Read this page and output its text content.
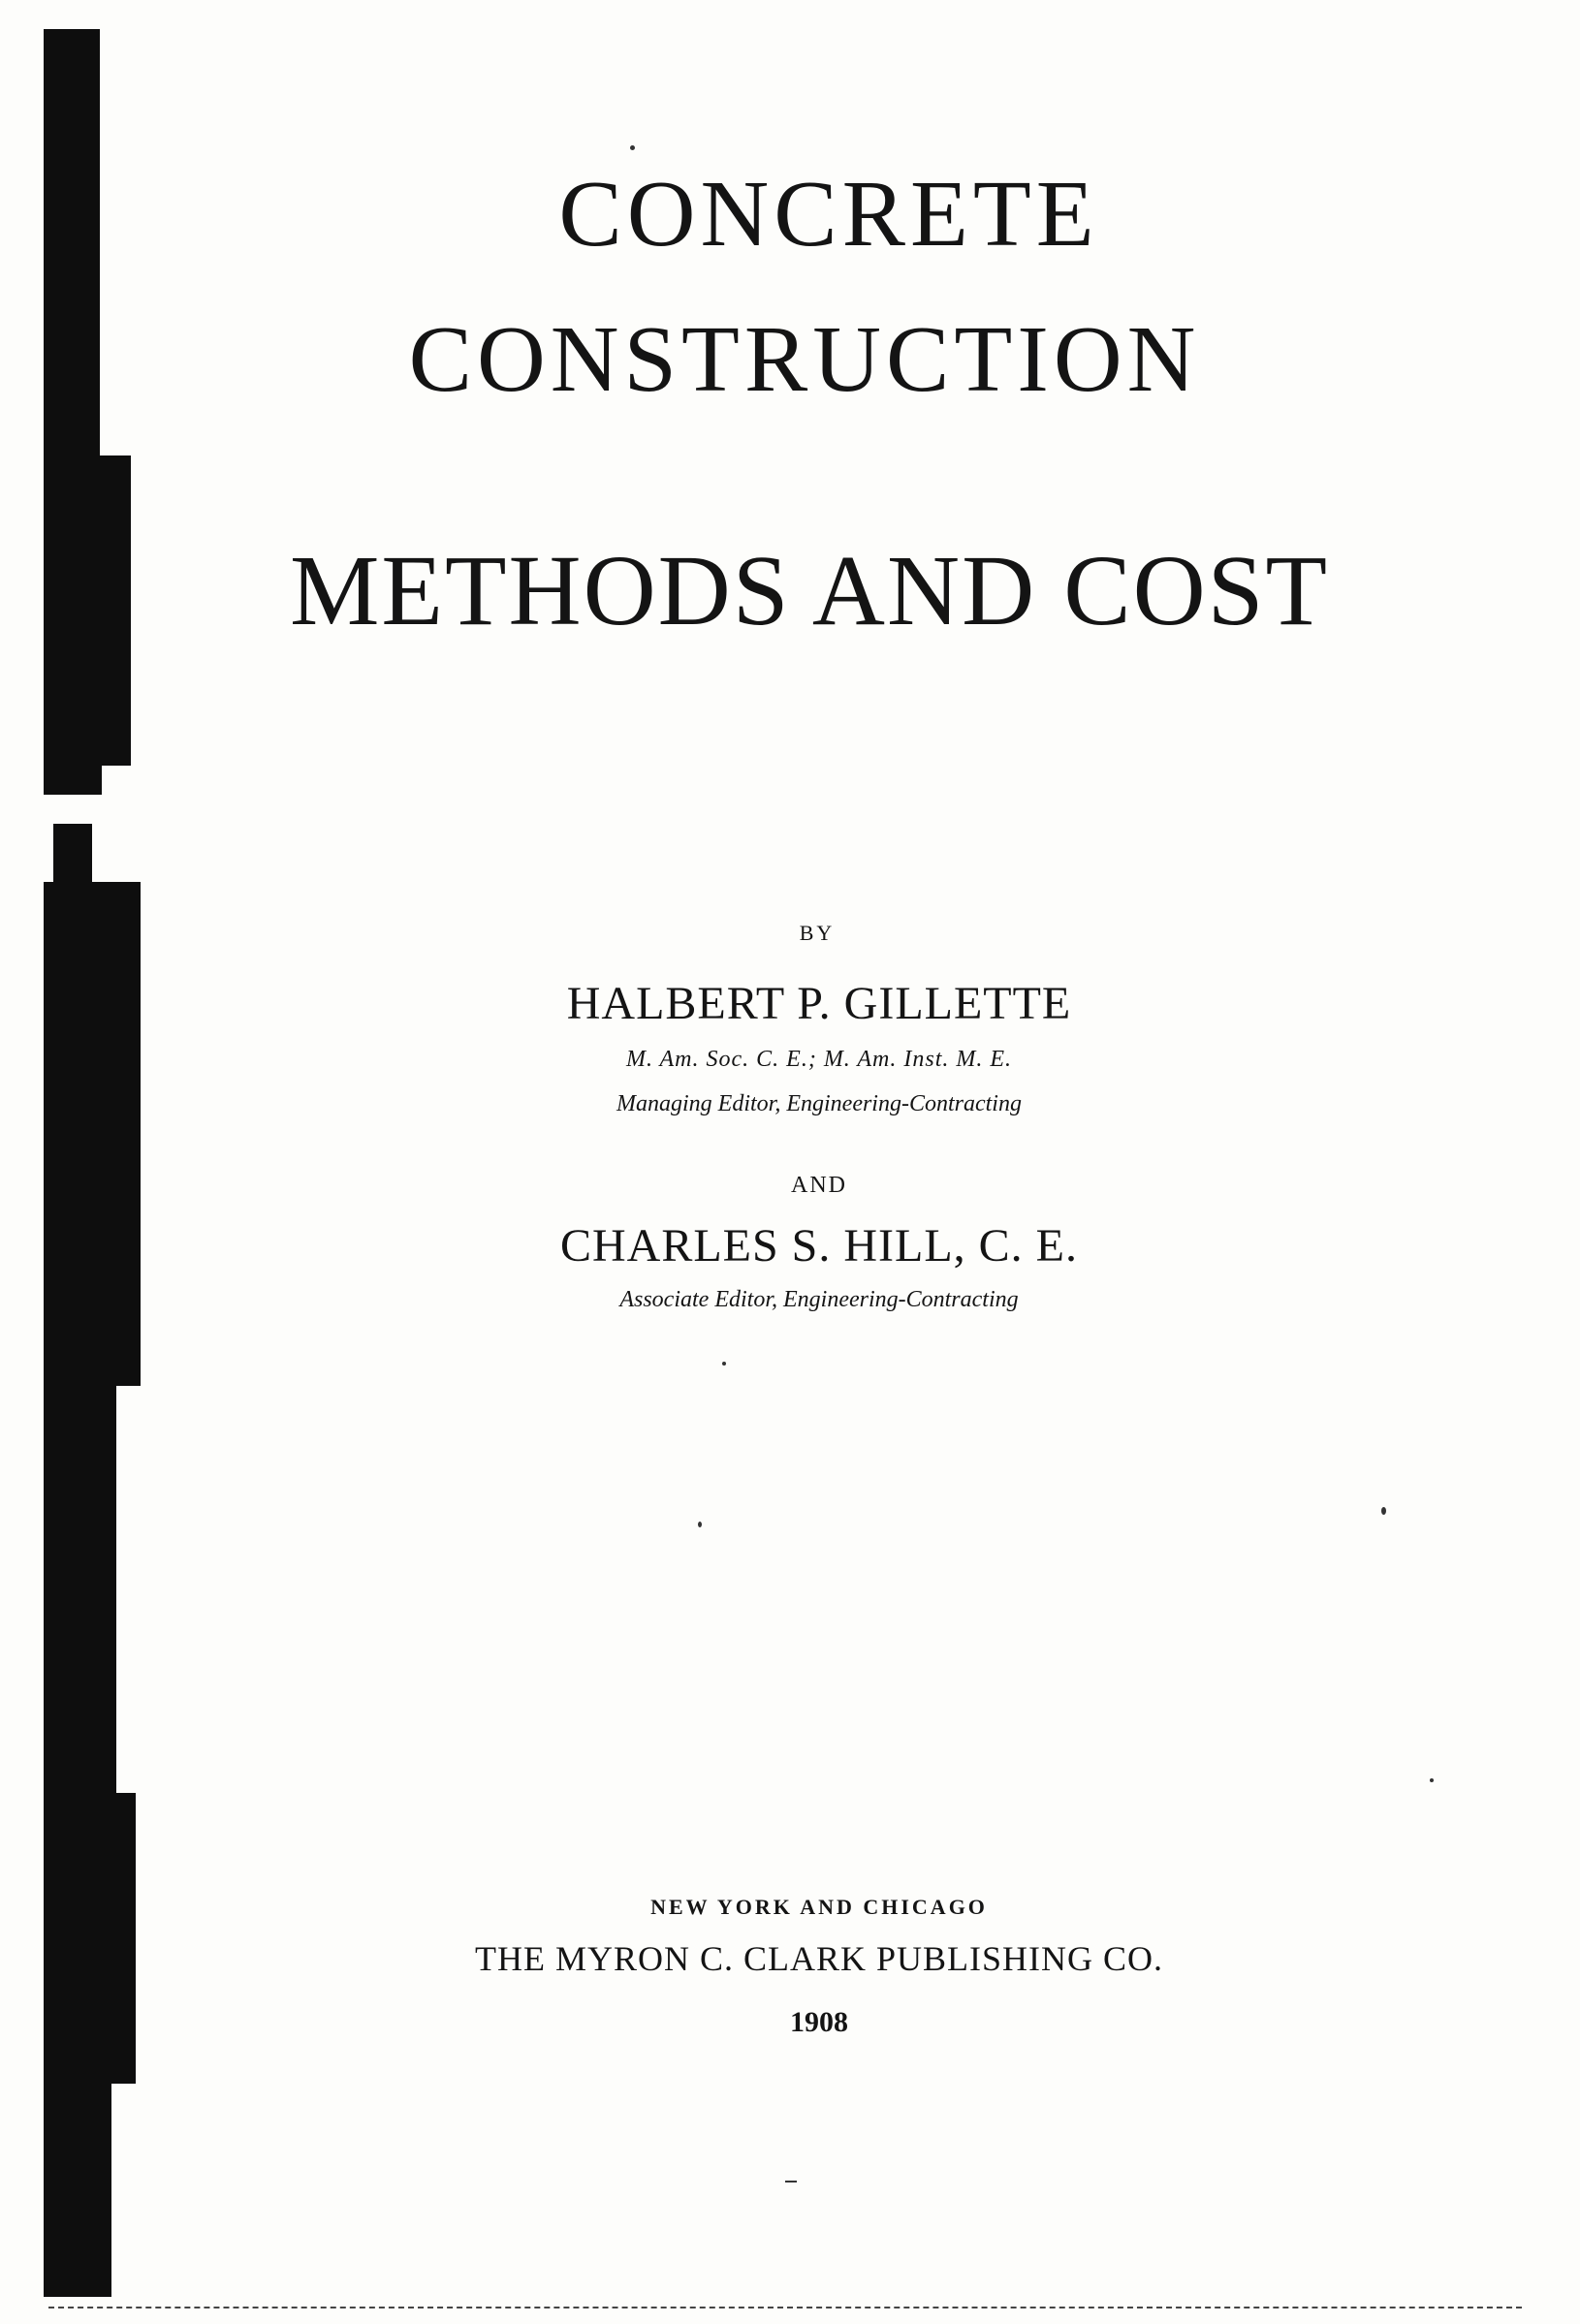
CONCRETE
CONSTRUCTION
METHODS AND COST
BY
HALBERT P. GILLETTE
M. Am. Soc. C. E.; M. Am. Inst. M. E.
Managing Editor, Engineering-Contracting
AND
CHARLES S. HILL, C. E.
Associate Editor, Engineering-Contracting
NEW YORK AND CHICAGO
THE MYRON C. CLARK PUBLISHING CO.
1908
